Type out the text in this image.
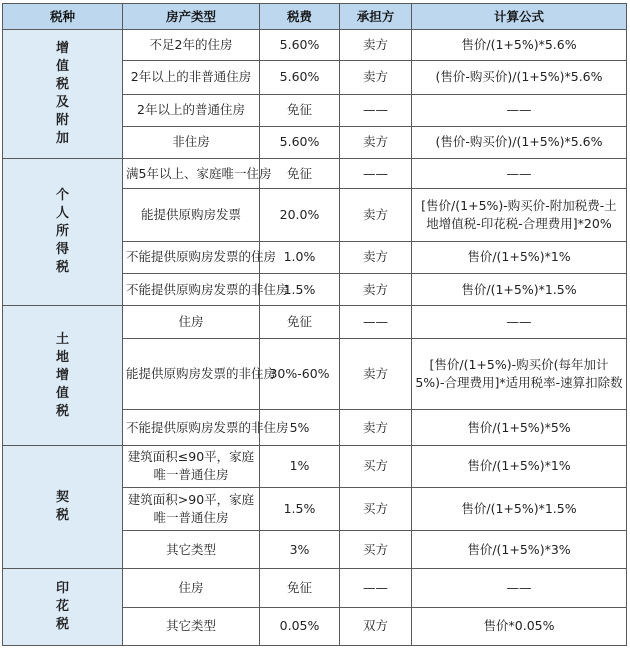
税种	房产类型	税费	承担方	计算公式
增值税及附加	不足2年的住房	5.60%	卖方	售价/(1+5%)*5.6%
	2年以上的非普通住房	5.60%	卖方	(售价-购买价)/(1+5%)*5.6%
	2年以上的普通住房	免征	——	——
	非住房	5.60%	卖方	(售价-购买价)/(1+5%)*5.6%
个人所得税	满5年以上、家庭唯一住房	免征	——	——
	能提供原购房发票	20.0%	卖方	[售价/(1+5%)-购买价-附加税费-土地增值税-印花税-合理费用]*20%
	不能提供原购房发票的住房	1.0%	卖方	售价/(1+5%)*1%
	不能提供原购房发票的非住房	1.5%	卖方	售价/(1+5%)*1.5%
土地增值税	住房	免征	——	——
	能提供原购房发票的非住房	30%-60%	卖方	[售价/(1+5%)-购买价(每年加计5%)-合理费用]*适用税率-速算扣除数
	不能提供原购房发票的非住房	5%	卖方	售价/(1+5%)*5%
契税	建筑面积≤90平，家庭唯一普通住房	1%	买方	售价/(1+5%)*1%
	建筑面积>90平，家庭唯一普通住房	1.5%	买方	售价/(1+5%)*1.5%
	其它类型	3%	买方	售价/(1+5%)*3%
印花税	住房	免征	——	——
	其它类型	0.05%	双方	售价*0.05%
